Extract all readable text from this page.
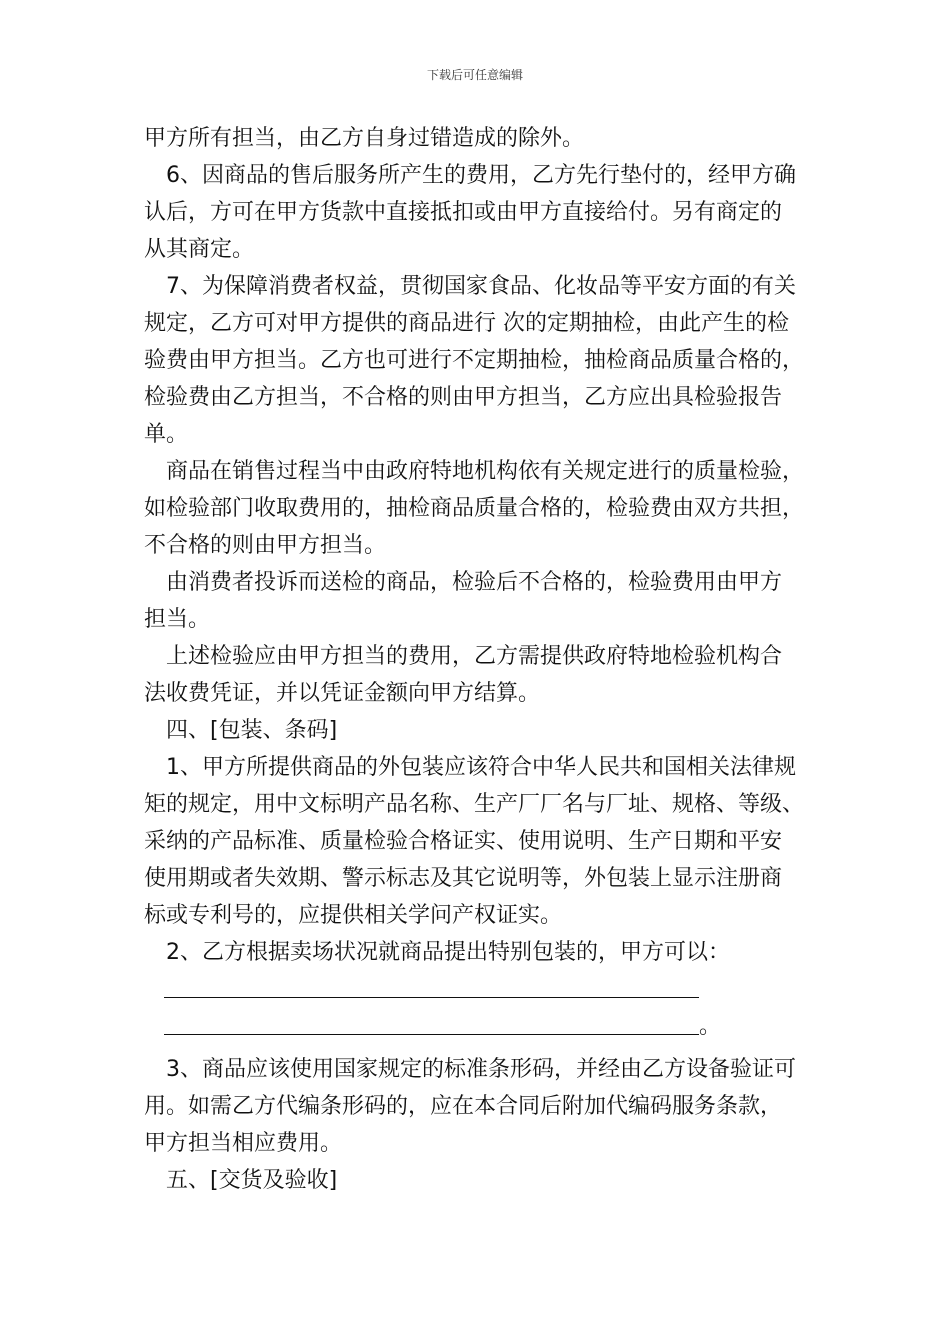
下载后可任意编辑
甲方所有担当，由乙方自身过错造成的除外。
6、因商品的售后服务所产生的费用，乙方先行垫付的，经甲方确
认后，方可在甲方货款中直接抵扣或由甲方直接给付。另有商定的
从其商定。
7、为保障消费者权益，贯彻国家食品、化妆品等平安方面的有关
规定，乙方可对甲方提供的商品进行 次的定期抽检，由此产生的检
验费由甲方担当。乙方也可进行不定期抽检，抽检商品质量合格的，
检验费由乙方担当，不合格的则由甲方担当，乙方应出具检验报告
单。
商品在销售过程当中由政府特地机构依有关规定进行的质量检验，
如检验部门收取费用的，抽检商品质量合格的，检验费由双方共担，
不合格的则由甲方担当。
由消费者投诉而送检的商品，检验后不合格的，检验费用由甲方
担当。
上述检验应由甲方担当的费用，乙方需提供政府特地检验机构合
法收费凭证，并以凭证金额向甲方结算。
四、[包装、条码]
1、甲方所提供商品的外包装应该符合中华人民共和国相关法律规
矩的规定，用中文标明产品名称、生产厂厂名与厂址、规格、等级、
采纳的产品标准、质量检验合格证实、使用说明、生产日期和平安
使用期或者失效期、警示标志及其它说明等，外包装上显示注册商
标或专利号的，应提供相关学问产权证实。
2、乙方根据卖场状况就商品提出特别包装的，甲方可以：
。
3、商品应该使用国家规定的标准条形码，并经由乙方设备验证可
用。如需乙方代编条形码的，应在本合同后附加代编码服务条款，
甲方担当相应费用。
五、[交货及验收]
